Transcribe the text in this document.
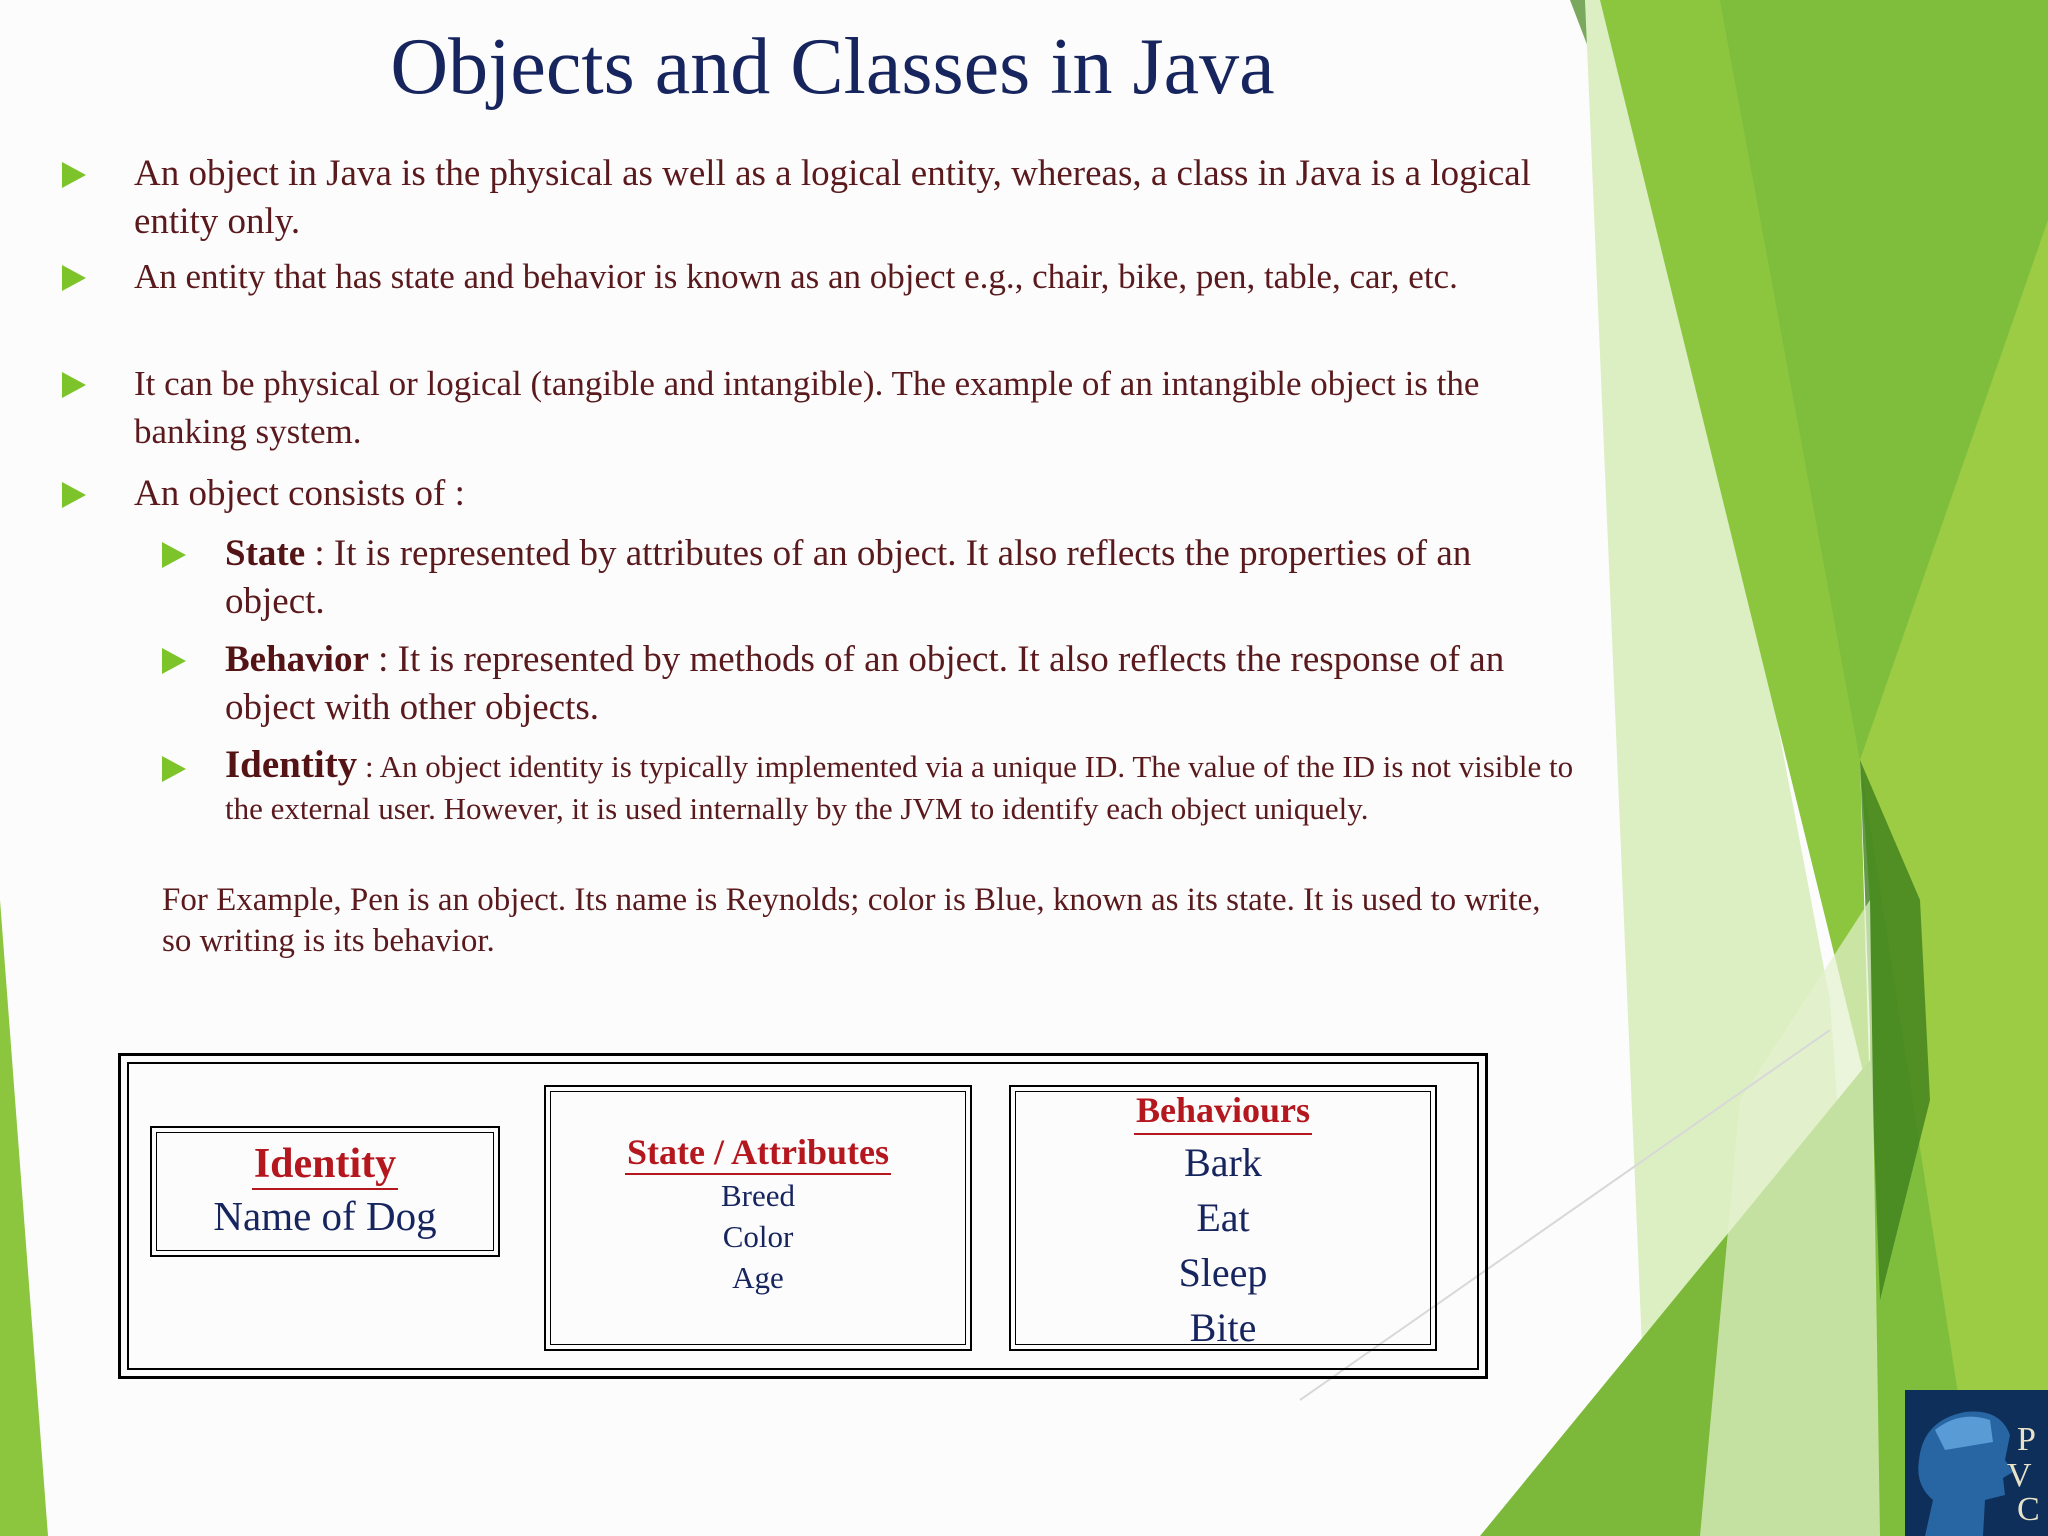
Objects and Classes in Java
An object in Java is the physical as well as a logical entity, whereas, a class in Java is a logical entity only.
An entity that has state and behavior is known as an object e.g., chair, bike, pen, table, car, etc.
It can be physical or logical (tangible and intangible). The example of an intangible object is the banking system.
An object consists of :
State : It is represented by attributes of an object. It also reflects the properties of an object.
Behavior : It is represented by methods of an object. It also reflects the response of an object with other objects.
Identity : An object identity is typically implemented via a unique ID. The value of the ID is not visible to the external user. However, it is used internally by the JVM to identify each object uniquely.
For Example, Pen is an object. Its name is Reynolds; color is Blue, known as its state. It is used to write, so writing is its behavior.
Identity
Name of Dog
State / Attributes
Breed
Color
Age
Behaviours
Bark
Eat
Sleep
Bite
P
V
C
